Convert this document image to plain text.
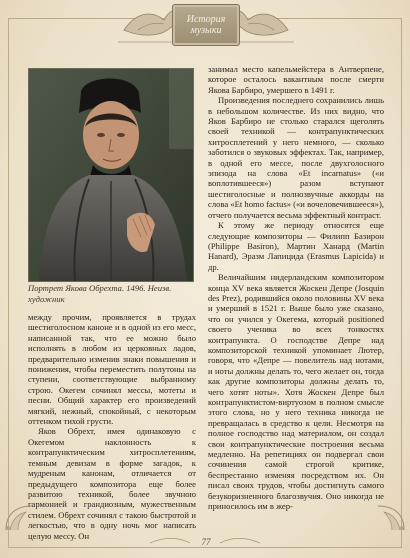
История
музыки
Портрет Якова Обрехта. 1496. Неизв. художник

занимал место капельмейстера в Антверпене, которое осталось вакантным после смерти Якова Барбиро, умершего в 1491 г.

Произведения последнего сохранились лишь в небольшом количестве. Из них видно, что Яков Барбиро не столько старался щеголять своей техникой — контрапунктических хитросплетений у него немного, — сколько заботился о звуковых эффектах. Так, например, в одной его мессе, после двухголосного эпизода на слова «Et incarnatus» («и воплотившееся») разом вступают шестиголосные и полнозвучные аккорды на слова «Et homo factus» («и вочеловечившееся»), отчего получается весьма эффектный контраст.

К этому же периоду относятся еще следующие композиторы — Филипп Базирон (Philippe Basiron), Мартин Ханард (Martin Hanard), Эразм Лапицида (Erasmus Lapicida) и др.

Величайшим нидерландским композитором конца XV века является Жоскен Депре (Josquin des Prez), родившийся около половины XV века и умерший в 1521 г. Выше было уже сказано, что он учился у Окегема, который positioned своего ученика во всех тонкостях контрапункта. О господстве Депре над композиторской техникой упоминает Лютер, говоря, что «Депре — повелитель над нотами, и ноты должны делать то, чего желает он, тогда как другие композиторы должны делать то, чего хотят ноты». Хотя Жоскен Депре был контрапунктистом-виртуозом в полном смысле этого слова, но у него техника никогда не превращалась в средство к цели. Несмотря на полное господство над материалом, он создал свои контрапунктические построения весьма медленно. На репетициях он подвергал свои сочинения самой строгой критике, беспрестанно изменяя посредством их. Он писал своих трудов, чтобы достигнуть самого безукоризненного благозвучия. Оно никогда не приносилось им в жер-

между прочим, проявляется в трудах шестиголосном каноне и в одной из его месс, написанной так, что ее можно было исполнять в любом из церковных ладов, предварительно изменив знаки повышения и понижения, чтобы переместить полутоны на ступени, соответствующие выбранному строю. Окегем сочинял мессы, мотеты и песни. Общий характер его произведений мягкий, нежный, спокойный, с некоторым оттенком тихой грусти.

Яков Обрехт, имея одинаковую с Окегемом наклонность к контрапунктическим хитросплетениям, темным девизам в форме загадок, к мудреным канонам, отличается от предыдущего композитора еще более развитою техникой, более звучною гармонией и грандиозным, мужественным стилем. Обрехт сочинял с такою быстротой и легкостью, что в одну ночь мог написать целую мессу. Он

77
